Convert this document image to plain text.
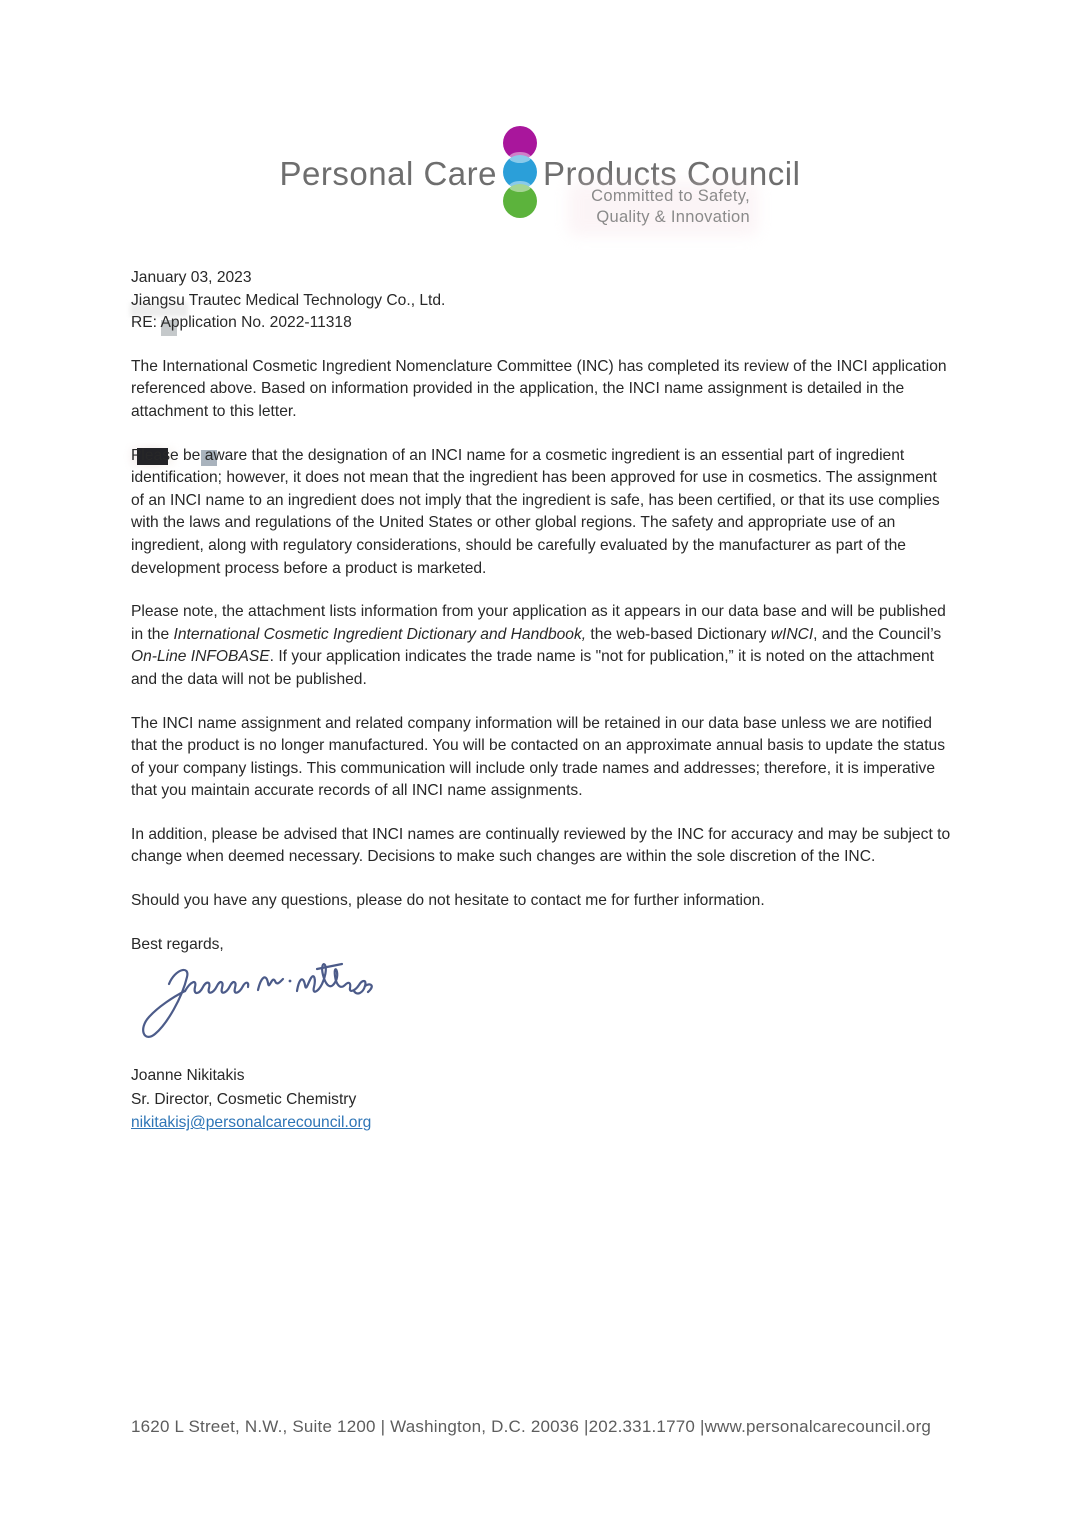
Personal Care Products Council
Committed to Safety,
Quality & Innovation

January 03, 2023

Jiangsu Trautec Medical Technology Co., Ltd.

RE: Application No. 2022-11318

The International Cosmetic Ingredient Nomenclature Committee (INC) has completed its review of the INCI application referenced above. Based on information provided in the application, the INCI name assignment is detailed in the attachment to this letter.

Please be aware that the designation of an INCI name for a cosmetic ingredient is an essential part of ingredient identification; however, it does not mean that the ingredient has been approved for use in cosmetics. The assignment of an INCI name to an ingredient does not imply that the ingredient is safe, has been certified, or that its use complies with the laws and regulations of the United States or other global regions. The safety and appropriate use of an ingredient, along with regulatory considerations, should be carefully evaluated by the manufacturer as part of the development process before a product is marketed.

Please note, the attachment lists information from your application as it appears in our data base and will be published in the International Cosmetic Ingredient Dictionary and Handbook, the web-based Dictionary wINCI, and the Council’s On-Line INFOBASE. If your application indicates the trade name is "not for publication,” it is noted on the attachment and the data will not be published.

The INCI name assignment and related company information will be retained in our data base unless we are notified that the product is no longer manufactured. You will be contacted on an approximate annual basis to update the status of your company listings. This communication will include only trade names and addresses; therefore, it is imperative that you maintain accurate records of all INCI name assignments.

In addition, please be advised that INCI names are continually reviewed by the INC for accuracy and may be subject to change when deemed necessary. Decisions to make such changes are within the sole discretion of the INC.

Should you have any questions, please do not hesitate to contact me for further information.

Best regards,

Joanne Nikitakis
Sr. Director, Cosmetic Chemistry
nikitakisj@personalcarecouncil.org
1620 L Street, N.W., Suite 1200 | Washington, D.C. 20036 |202.331.1770 |www.personalcarecouncil.org
